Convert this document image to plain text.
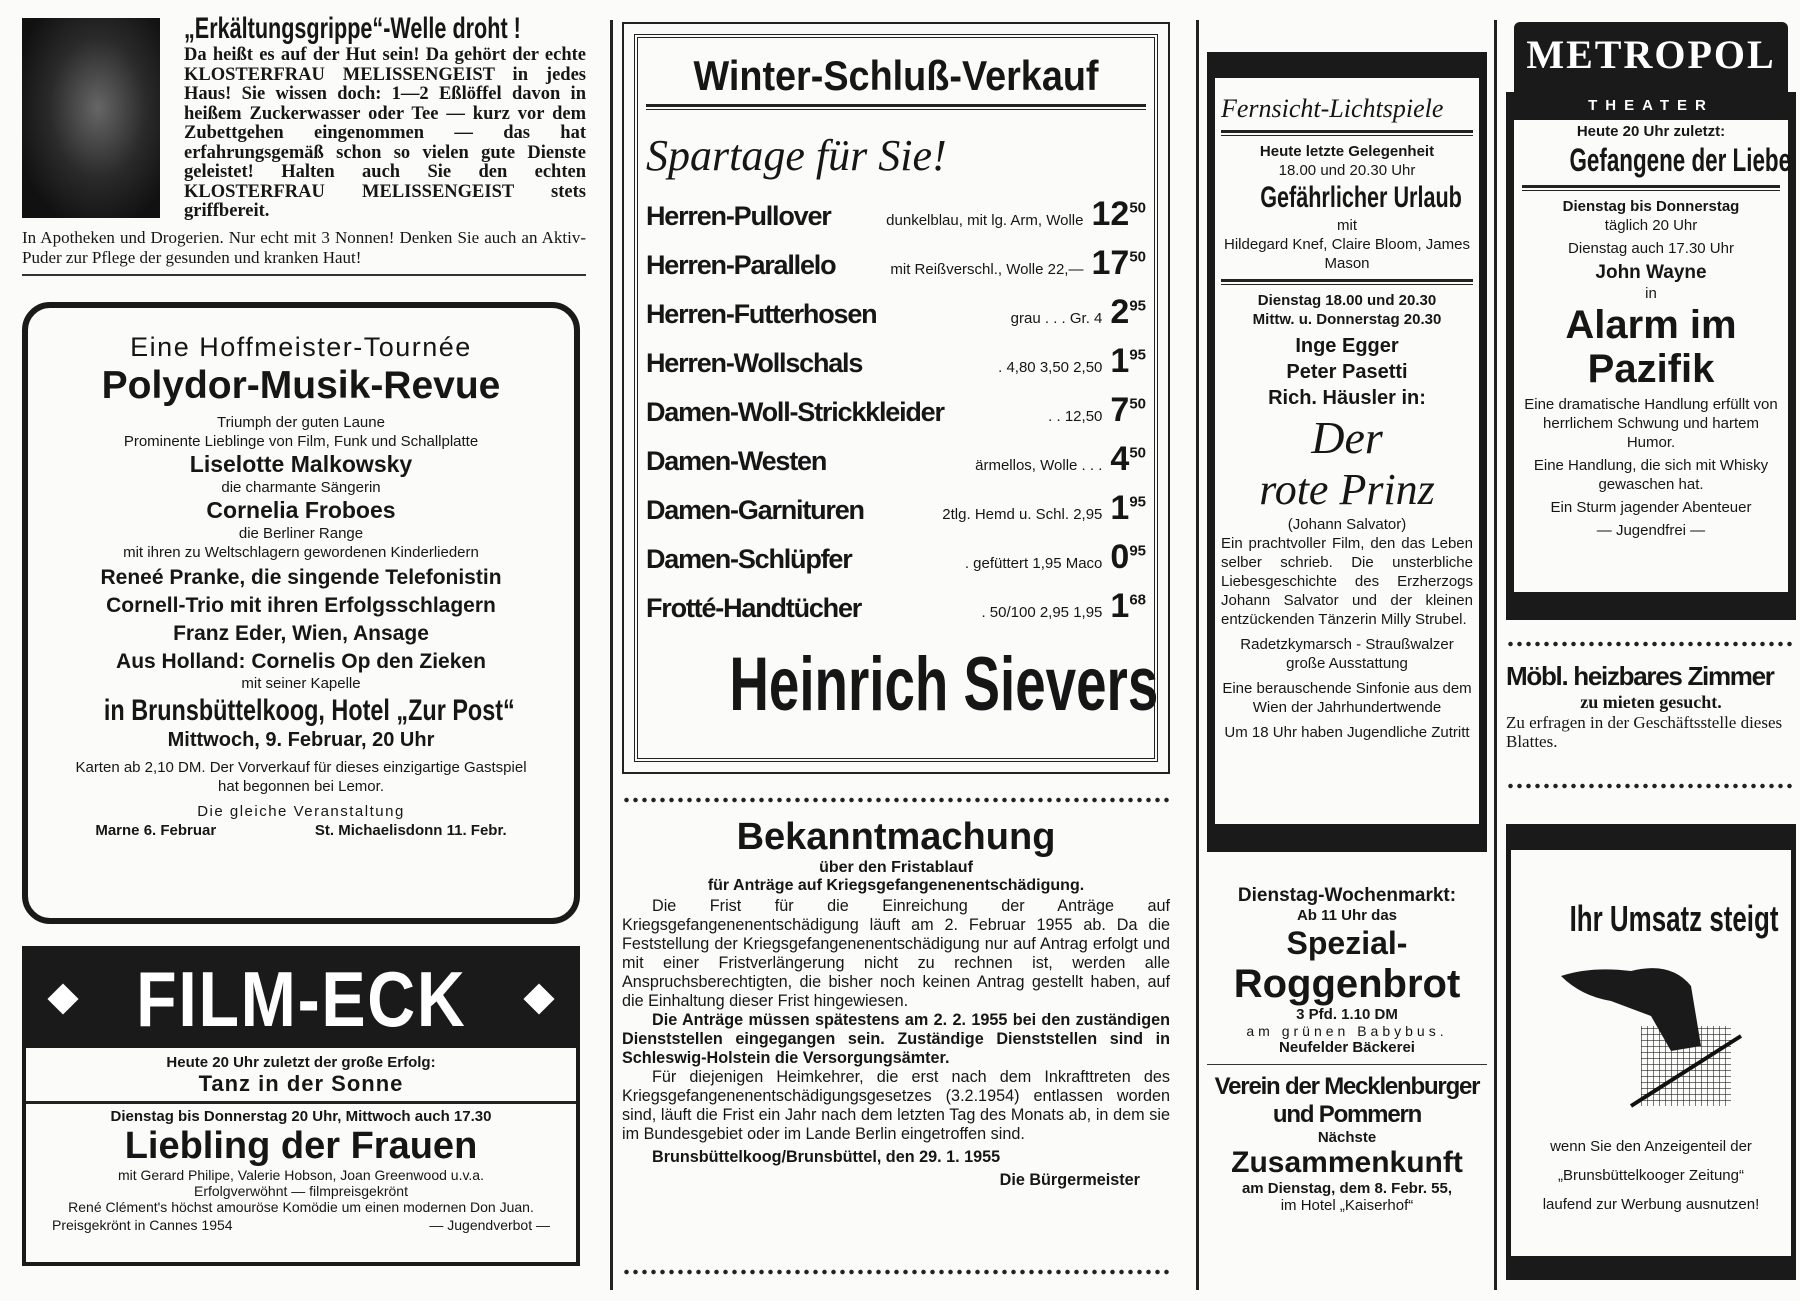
„Erkältungsgrippe“-Welle droht !

Da heißt es auf der Hut sein! Da gehört der echte KLOSTERFRAU MELISSENGEIST in jedes Haus! Sie wissen doch: 1—2 Eßlöffel davon in heißem Zuckerwasser oder Tee — kurz vor dem Zubettgehen eingenommen — das hat erfahrungsgemäß schon so vielen gute Dienste geleistet! Halten auch Sie den echten KLOSTERFRAU MELISSENGEIST stets griffbereit.

In Apotheken und Drogerien. Nur echt mit 3 Nonnen! Denken Sie auch an Aktiv-Puder zur Pflege der gesunden und kranken Haut!

Eine Hoffmeister-Tournée
Polydor-Musik-Revue
Triumph der guten Laune
Prominente Lieblinge von Film, Funk und Schallplatte
Liselotte Malkowsky
die charmante Sängerin
Cornelia Froboes
die Berliner Range
mit ihren zu Weltschlagern gewordenen Kinderliedern
Reneé Pranke, die singende Telefonistin
Cornell-Trio mit ihren Erfolgsschlagern
Franz Eder, Wien, Ansage
Aus Holland: Cornelis Op den Zieken
mit seiner Kapelle
in Brunsbüttelkoog, Hotel „Zur Post“
Mittwoch, 9. Februar, 20 Uhr
Karten ab 2,10 DM. Der Vorverkauf für dieses einzigartige Gastspiel hat begonnen bei Lemor.
Die gleiche Veranstaltung
Marne 6. Februar	St. Michaelisdonn 11. Febr.
FILM-ECK
Heute 20 Uhr zuletzt der große Erfolg:
Tanz in der Sonne
Dienstag bis Donnerstag 20 Uhr, Mittwoch auch 17.30
Liebling der Frauen
mit Gerard Philipe, Valerie Hobson, Joan Greenwood u.v.a.
Erfolgverwöhnt — filmpreisgekrönt
René Clément's höchst amouröse Komödie um einen modernen Don Juan.
Preisgekrönt in Cannes 1954	— Jugendverbot —
Winter-Schluß-Verkauf
Spartage für Sie!
Herren-Pullover	dunkelblau, mit lg. Arm, Wolle $12^{50}$
Herren-Parallelo	mit Reißverschl., Wolle 22,— $17^{50}$
Herren-Futterhosen	grau . . . Gr. 4 $2^{95}$
Herren-Wollschals	. 4,80 3,50 2,50 $1^{95}$
Damen-Woll-Strickkleider	. . 12,50 $7^{50}$
Damen-Westen	ärmellos, Wolle . . . $4^{50}$
Damen-Garnituren	2tlg. Hemd u. Schl. 2,95 $1^{95}$
Damen-Schlüpfer	. gefüttert 1,95 Maco $0^{95}$
Frotté-Handtücher	. 50/100 2,95 1,95 $1^{68}$
Heinrich Sievers
Bekanntmachung
über den Fristablauf
für Anträge auf Kriegsgefangenenentschädigung.

Die Frist für die Einreichung der Anträge auf Kriegsgefangenenentschädigung läuft am 2. Februar 1955 ab. Da die Feststellung der Kriegsgefangenenentschädigung nur auf Antrag erfolgt und mit einer Fristverlängerung nicht zu rechnen ist, werden alle Anspruchsberechtigten, die bisher noch keinen Antrag gestellt haben, auf die Einhaltung dieser Frist hingewiesen.

Die Anträge müssen spätestens am 2. 2. 1955 bei den zuständigen Dienststellen eingegangen sein. Zuständige Dienststellen sind in Schleswig-Holstein die Versorgungsämter.

Für diejenigen Heimkehrer, die erst nach dem Inkrafttreten des Kriegsgefangenenentschädigungsgesetzes (3.2.1954) entlassen worden sind, läuft die Frist ein Jahr nach dem letzten Tag des Monats ab, in dem sie im Bundesgebiet oder im Lande Berlin eingetroffen sind.

Brunsbüttelkoog/Brunsbüttel, den 29. 1. 1955

Die Bürgermeister

Fernsicht-Lichtspiele
Heute letzte Gelegenheit
18.00 und 20.30 Uhr
Gefährlicher Urlaub
mit
Hildegard Knef, Claire Bloom, James Mason
Dienstag 18.00 und 20.30
Mittw. u. Donnerstag 20.30
Inge Egger
Peter Pasetti
Rich. Häusler in:
Der
rote Prinz
(Johann Salvator)
Ein prachtvoller Film, den das Leben selber schrieb. Die unsterbliche Liebesgeschichte des Erzherzogs Johann Salvator und der kleinen entzückenden Tänzerin Milly Strubel.
Radetzkymarsch - Straußwalzer große Ausstattung
Eine berauschende Sinfonie aus dem Wien der Jahrhundertwende
Um 18 Uhr haben Jugendliche Zutritt
Dienstag-Wochenmarkt:
Ab 11 Uhr das
Spezial-
Roggenbrot
3 Pfd. 1.10 DM
am grünen Babybus.
Neufelder Bäckerei
Verein der Mecklenburger und Pommern
Nächste
Zusammenkunft
am Dienstag, dem 8. Febr. 55,
im Hotel „Kaiserhof“
METROPOL
THEATER
Heute 20 Uhr zuletzt:
Gefangene der Liebe
Dienstag bis Donnerstag
täglich 20 Uhr
Dienstag auch 17.30 Uhr
John Wayne
in
Alarm im Pazifik
Eine dramatische Handlung erfüllt von herrlichem Schwung und hartem Humor.
Eine Handlung, die sich mit Whisky gewaschen hat.
Ein Sturm jagender Abenteuer
— Jugendfrei —
Möbl. heizbares Zimmer
zu mieten gesucht.
Zu erfragen in der Geschäftsstelle dieses Blattes.
Ihr Umsatz steigt
wenn Sie den Anzeigenteil der „Brunsbüttelkooger Zeitung“ laufend zur Werbung ausnutzen!
